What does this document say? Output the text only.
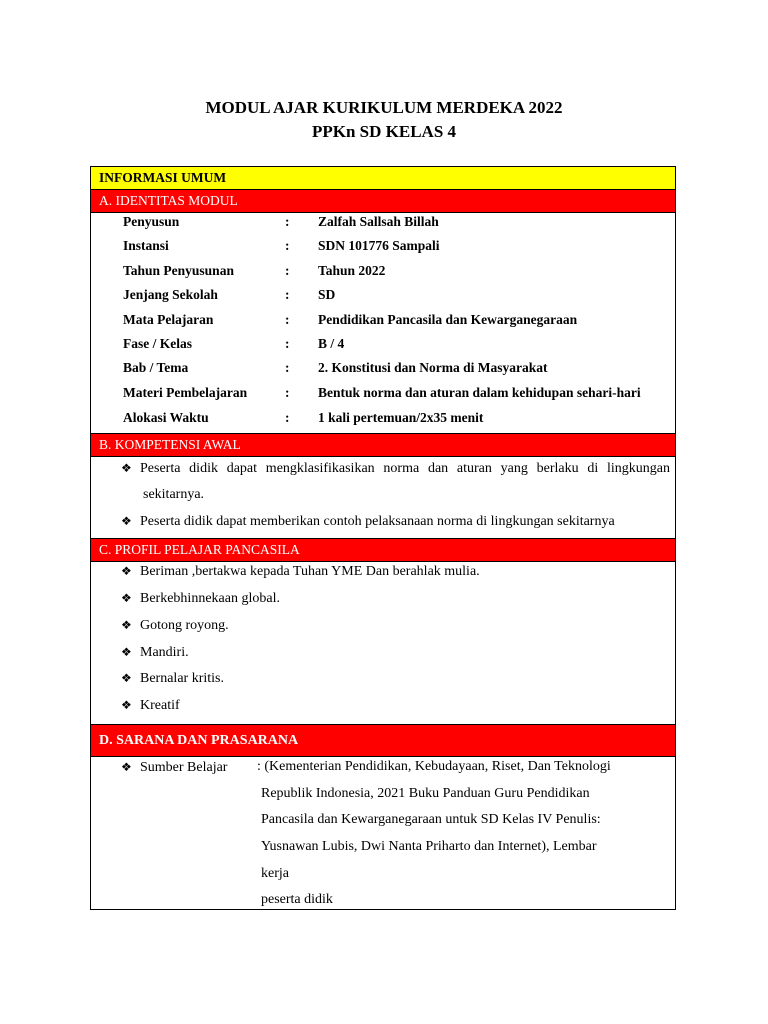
MODUL AJAR KURIKULUM MERDEKA 2022
PPKn SD KELAS 4
INFORMASI UMUM
A. IDENTITAS MODUL
B. KOMPETENSI AWAL
C. PROFIL PELAJAR PANCASILA
D. SARANA DAN PRASARANA
Penyusun	: Zalfah Sallsah Billah
Instansi	: SDN 101776 Sampali
Tahun Penyusunan	: Tahun 2022
Jenjang Sekolah	: SD
Mata Pelajaran	: Pendidikan Pancasila dan Kewarganegaraan
Fase / Kelas	: B / 4
Bab / Tema	: 2. Konstitusi dan Norma di Masyarakat
Materi Pembelajaran	: Bentuk norma dan aturan dalam kehidupan sehari-hari
Alokasi Waktu	: 1 kali pertemuan/2x35 menit
❖ Peserta didik dapat mengklasifikasikan norma dan aturan yang berlaku di lingkungan
sekitarnya.
❖ Peserta didik dapat memberikan contoh pelaksanaan norma di lingkungan sekitarnya
❖ Beriman ,bertakwa kepada Tuhan YME Dan berahlak mulia.
❖ Berkebhinnekaan global.
❖ Gotong royong.
❖ Mandiri.
❖ Bernalar kritis.
❖ Kreatif
❖ Sumber Belajar : (Kementerian Pendidikan, Kebudayaan, Riset, Dan Teknologi
Republik Indonesia, 2021 Buku Panduan Guru Pendidikan
Pancasila dan Kewarganegaraan untuk SD Kelas IV Penulis:
Yusnawan Lubis, Dwi Nanta Priharto dan Internet), Lembar
kerja
peserta didik
